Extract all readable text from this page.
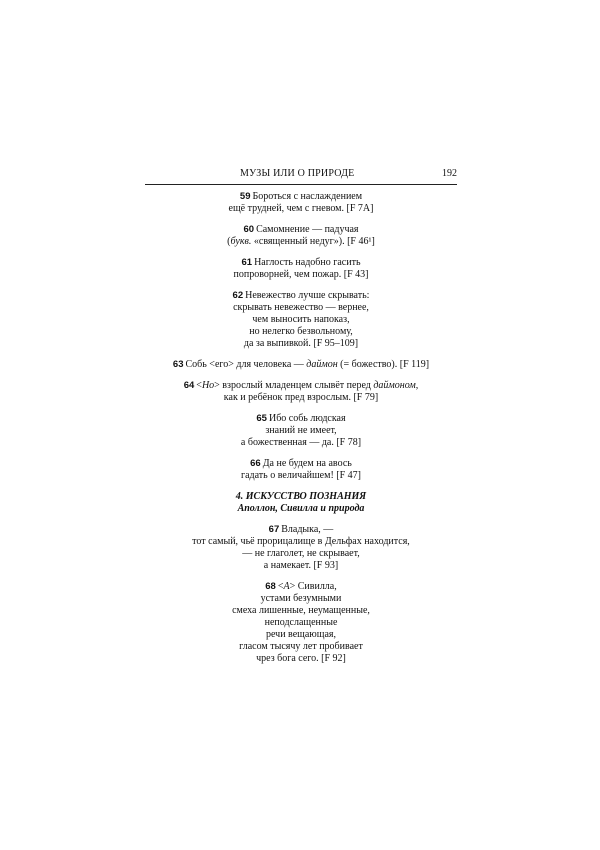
МУЗЫ ИЛИ О ПРИРОДЕ	192
59 Бороться с наслаждением
ещё трудней, чем с гневом. [F 7A]
60 Самомнение — падучая
(букв. «священный недуг»). [F 46¹]
61 Наглость надобно гасить
попроворней, чем пожар. [F 43]
62 Невежество лучше скрывать:
скрывать невежество — вернее,
чем выносить напоказ,
но нелегко безвольному,
да за выпивкой. [F 95–109]
63 Собь <его> для человека — даймон (= божество). [F 119]
64 <Но> взрослый младенцем слывёт перед даймоном,
как и ребёнок пред взрослым. [F 79]
65 Ибо собь людская
знаний не имеет,
а божественная — да. [F 78]
66 Да не будем на авось
гадать о величайшем! [F 47]
4. ИСКУССТВО ПОЗНАНИЯ
Аполлон, Сивилла и природа
67 Владыка, —
тот самый, чьё прорицалище в Дельфах находится,
— не глаголет, не скрывает,
а намекает. [F 93]
68 <А> Сивилла,
устами безумными
смеха лишенные, неумащенные,
неподслащенные
речи вещающая,
гласом тысячу лет пробивает
чрез бога сего. [F 92]
